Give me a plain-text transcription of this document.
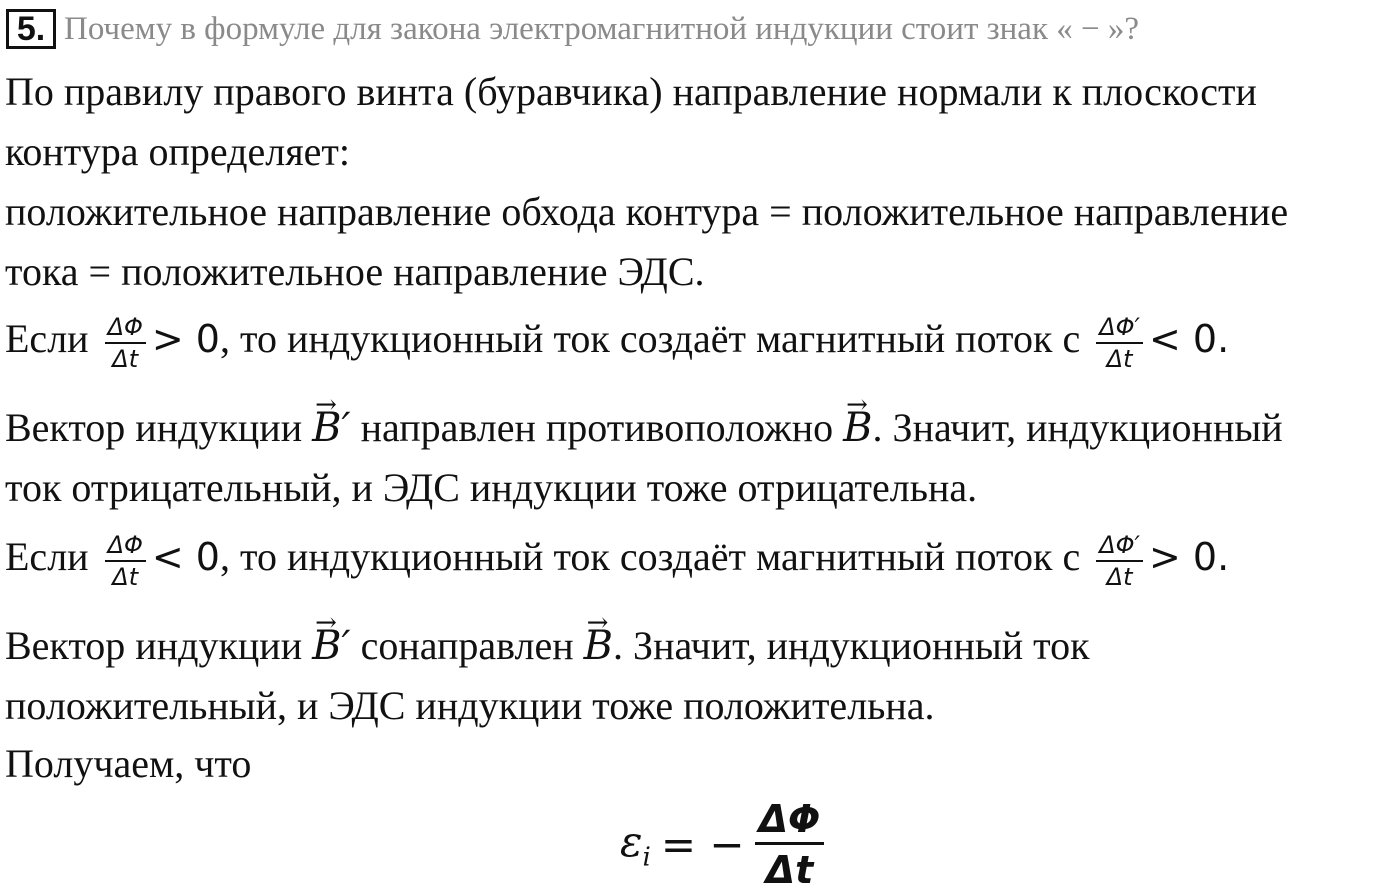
5. Почему в формуле для закона электромагнитной индукции стоит знак « − »?
По правилу правого винта (буравчика) направление нормали к плоскости
контура определяет:
положительное направление обхода контура = положительное направление
тока = положительное направление ЭДС.
Если $\frac{\Delta\Phi}{\Delta t} > 0$, то индукционный ток создаёт магнитный поток с $\frac{\Delta\Phi'}{\Delta t} < 0$.
Вектор индукции → B′ направлен противоположно → B. Значит, индукционный
ток отрицательный, и ЭДС индукции тоже отрицательна.
Если $\frac{\Delta\Phi}{\Delta t} < 0$, то индукционный ток создаёт магнитный поток с $\frac{\Delta\Phi'}{\Delta t} > 0$.
Вектор индукции → B′ сонаправлен → B. Значит, индукционный ток
положительный, и ЭДС индукции тоже положительна.
Получаем, что
$\varepsilon_i$ = − $\frac{\Delta\Phi}{\Delta t}$
